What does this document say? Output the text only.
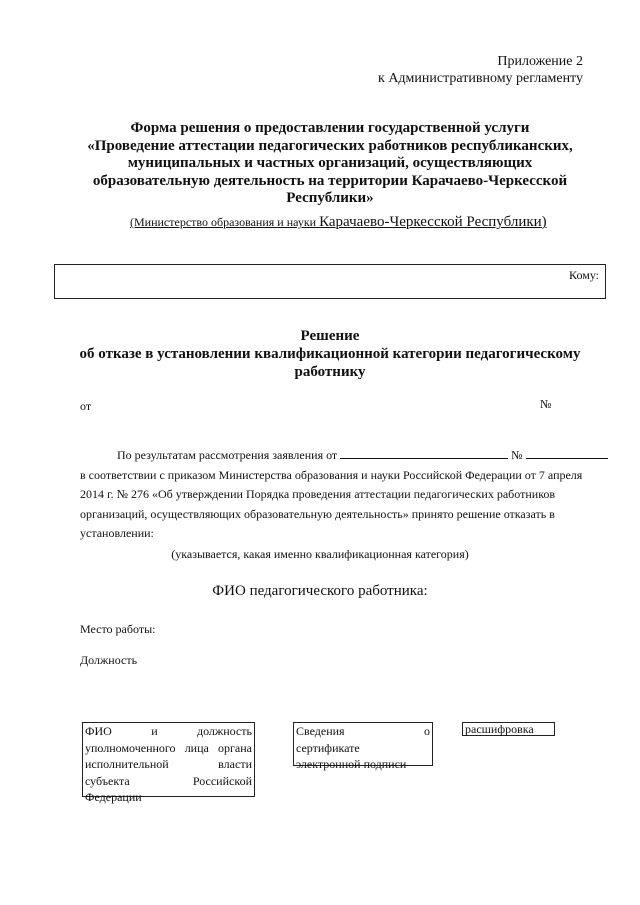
Приложение 2
к Административному регламенту
Форма решения о предоставлении государственной услуги
«Проведение аттестации педагогических работников республиканских,
муниципальных и частных организаций, осуществляющих
образовательную деятельность на территории Карачаево-Черкесской
Республики»
(Министерство образования и науки Карачаево-Черкесской Республики)
Кому:
Решение
об отказе в установлении квалификационной категории педагогическому
работнику
от	№
По результатам рассмотрения заявления от	№
в соответствии с приказом Министерства образования и науки Российской Федерации от 7 апреля
2014 г. № 276 «Об утверждении Порядка проведения аттестации педагогических работников
организаций, осуществляющих образовательную деятельность» принято решение отказать в
установлении:
(указывается, какая именно квалификационная категория)
ФИО педагогического работника:
Место работы:
Должность
ФИО	и	должность
уполномоченного лица органа
исполнительной	власти
субъекта	Российской
Федерации
Сведения	о
сертификате
электронной подписи
расшифровка
